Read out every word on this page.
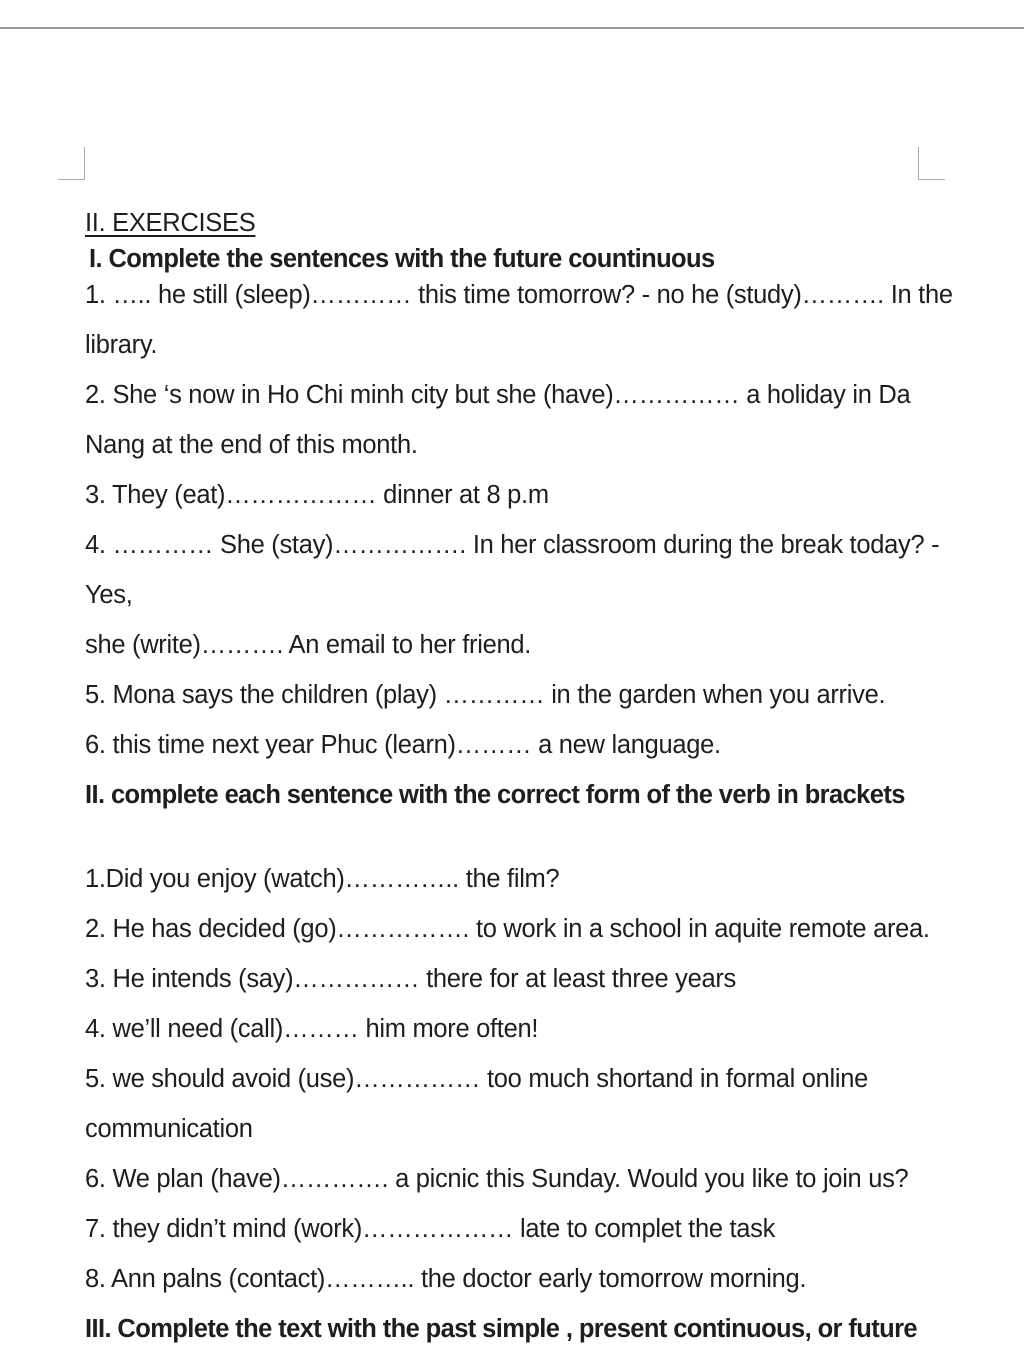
II. EXERCISES
I. Complete the sentences with the future countinuous

1. ….. he still (sleep)………… this time tomorrow? - no he (study)………. In the

library.

2. She ‘s now in Ho Chi minh city but she (have)…………… a holiday in Da

Nang at the end of this month.

3. They (eat)……………… dinner at 8 p.m

4. ………… She (stay)……………. In her classroom during the break today? - Yes,

she (write)………. An email to her friend.

5. Mona says the children (play) ………… in the garden when you arrive.

6. this time next year Phuc (learn)……… a new language.

II. complete each sentence with the correct form of the verb in brackets

1.Did you enjoy (watch)………….. the film?

2. He has decided (go)……………. to work in a school in aquite remote area.

3. He intends (say)…………… there for at least three years

4. we’ll need (call)……… him more often!

5. we should avoid (use)…………… too much shortand in formal online

communication

6. We plan (have)…………. a picnic this Sunday. Would you like to join us?

7. they didn’t mind (work)……………… late to complet the task

8. Ann palns (contact)……….. the doctor early tomorrow morning.

III. Complete the text with the past simple , present continuous, or future
